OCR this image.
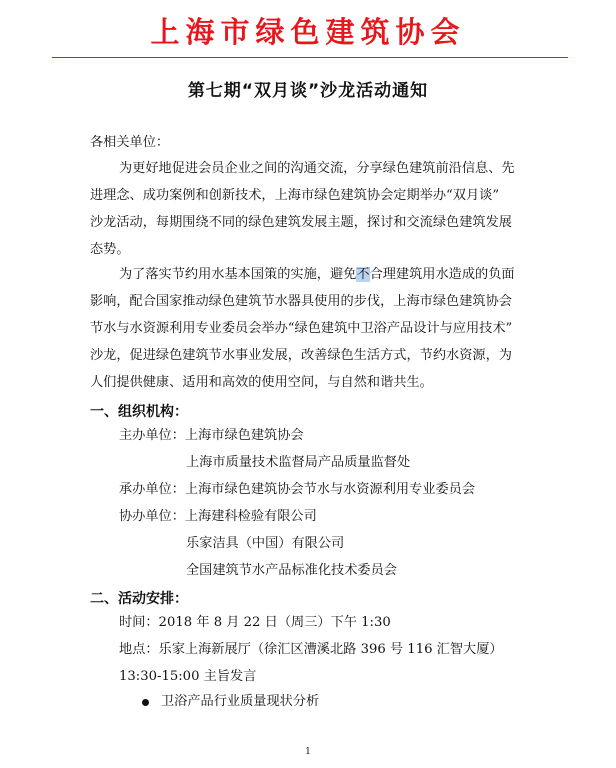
上海市绿色建筑协会
第七期“双月谈”沙龙活动通知
各相关单位：
为更好地促进会员企业之间的沟通交流，分享绿色建筑前沿信息、先
进理念、成功案例和创新技术，上海市绿色建筑协会定期举办“双月谈”
沙龙活动，每期围绕不同的绿色建筑发展主题，探讨和交流绿色建筑发展
态势。
为了落实节约用水基本国策的实施，避免不合理建筑用水造成的负面
影响，配合国家推动绿色建筑节水器具使用的步伐，上海市绿色建筑协会
节水与水资源利用专业委员会举办“绿色建筑中卫浴产品设计与应用技术”
沙龙，促进绿色建筑节水事业发展，改善绿色生活方式，节约水资源，为
人们提供健康、适用和高效的使用空间，与自然和谐共生。
一、组织机构：
主办单位：上海市绿色建筑协会
上海市质量技术监督局产品质量监督处
承办单位：上海市绿色建筑协会节水与水资源利用专业委员会
协办单位：上海建科检验有限公司
乐家洁具（中国）有限公司
全国建筑节水产品标准化技术委员会
二、活动安排：
时间：2018 年 8 月 22 日（周三）下午 1:30
地点：乐家上海新展厅（徐汇区漕溪北路 396 号 116 汇智大厦）
13:30-15:00 主旨发言
卫浴产品行业质量现状分析
1
